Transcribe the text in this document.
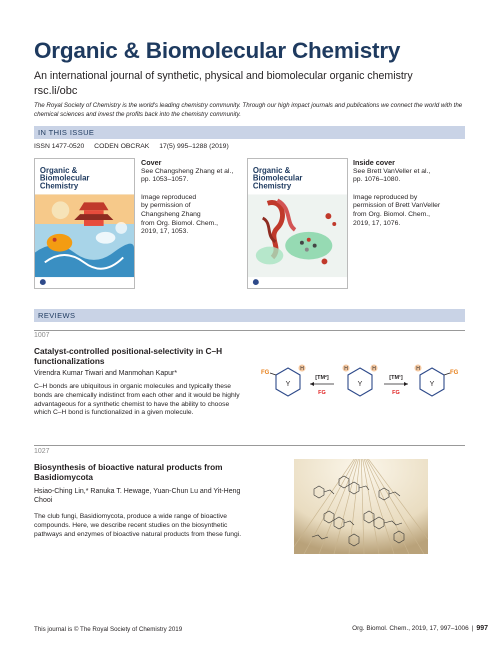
Organic & Biomolecular Chemistry
An international journal of synthetic, physical and biomolecular organic chemistry
rsc.li/obc
The Royal Society of Chemistry is the world's leading chemistry community. Through our high impact journals and publications we connect the world with the chemical sciences and invest the profits back into the chemistry community.
IN THIS ISSUE
ISSN 1477-0520 CODEN OBCRAK 17(5) 995–1288 (2019)
Organic &
Biomolecular
Chemistry
Cover
See Changsheng Zhang et al.,
pp. 1053–1057.
Image reproduced
by permission of
Changsheng Zhang
from Org. Biomol. Chem.,
2019, 17, 1053.
Organic &
Biomolecular
Chemistry
Inside cover
See Brett VanVeller et al.,
pp. 1076–1080.
Image reproduced by
permission of Brett VanVeller
from Org. Biomol. Chem.,
2019, 17, 1076.
REVIEWS
1007
Catalyst-controlled positional-selectivity in C–H functionalizations
Virendra Kumar Tiwari and Manmohan Kapur*
C–H bonds are ubiquitous in organic molecules and typically these bonds are chemically indistinct from each other and it would be highly advantageous for a synthetic chemist to have the ability to choose which C–H bond is functionalized in a given molecule.
Y
FG
H
[TM²]
FG
Y
H	H
[TM¹]
FG
Y
H
FG
1027
Biosynthesis of bioactive natural products from Basidiomycota
Hsiao-Ching Lin,* Ranuka T. Hewage, Yuan-Chun Lu and Yit-Heng Chooi
The club fungi, Basidiomycota, produce a wide range of bioactive compounds. Here, we describe recent studies on the biosynthetic pathways and enzymes of bioactive natural products from these fungi.
This journal is © The Royal Society of Chemistry 2019	Org. Biomol. Chem., 2019, 17, 997–1006 | 997
